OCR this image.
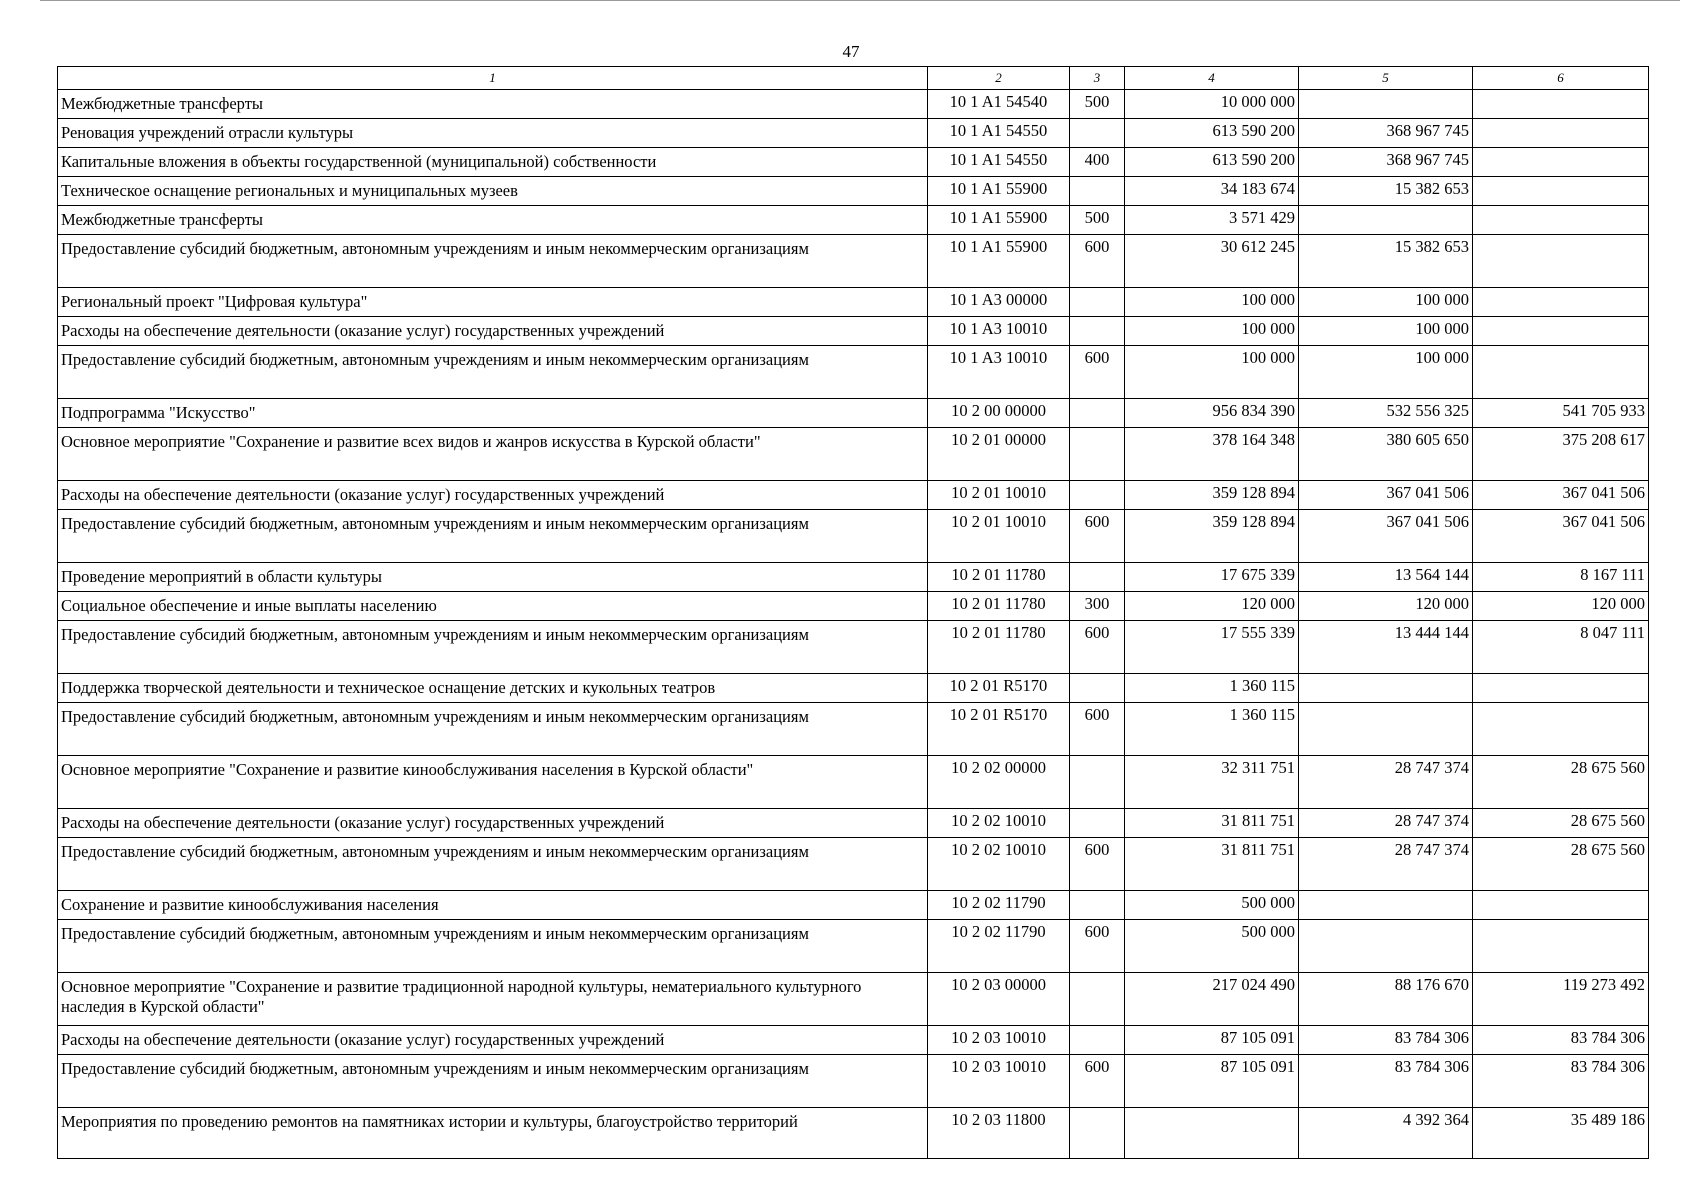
47
1	2	3	4	5	6
Межбюджетные трансферты	10 1 A1 54540	500	10 000 000		
Реновация учреждений отрасли культуры	10 1 A1 54550		613 590 200	368 967 745	
Капитальные вложения в объекты государственной (муниципальной) собственности	10 1 A1 54550	400	613 590 200	368 967 745	
Техническое оснащение региональных и муниципальных музеев	10 1 A1 55900		34 183 674	15 382 653	
Межбюджетные трансферты	10 1 A1 55900	500	3 571 429		
Предоставление субсидий бюджетным, автономным учреждениям и иным некоммерческим организациям	10 1 A1 55900	600	30 612 245	15 382 653	
Региональный проект "Цифровая культура"	10 1 A3 00000		100 000	100 000	
Расходы на обеспечение деятельности (оказание услуг) государственных учреждений	10 1 A3 10010		100 000	100 000	
Предоставление субсидий бюджетным, автономным учреждениям и иным некоммерческим организациям	10 1 A3 10010	600	100 000	100 000	
Подпрограмма "Искусство"	10 2 00 00000		956 834 390	532 556 325	541 705 933
Основное мероприятие "Сохранение и развитие всех видов и жанров искусства в Курской области"	10 2 01 00000		378 164 348	380 605 650	375 208 617
Расходы на обеспечение деятельности (оказание услуг) государственных учреждений	10 2 01 10010		359 128 894	367 041 506	367 041 506
Предоставление субсидий бюджетным, автономным учреждениям и иным некоммерческим организациям	10 2 01 10010	600	359 128 894	367 041 506	367 041 506
Проведение мероприятий в области культуры	10 2 01 11780		17 675 339	13 564 144	8 167 111
Социальное обеспечение и иные выплаты населению	10 2 01 11780	300	120 000	120 000	120 000
Предоставление субсидий бюджетным, автономным учреждениям и иным некоммерческим организациям	10 2 01 11780	600	17 555 339	13 444 144	8 047 111
Поддержка творческой деятельности и техническое оснащение детских и кукольных театров	10 2 01 R5170		1 360 115		
Предоставление субсидий бюджетным, автономным учреждениям и иным некоммерческим организациям	10 2 01 R5170	600	1 360 115		
Основное мероприятие "Сохранение и развитие кинообслуживания населения в Курской области"	10 2 02 00000		32 311 751	28 747 374	28 675 560
Расходы на обеспечение деятельности (оказание услуг) государственных учреждений	10 2 02 10010		31 811 751	28 747 374	28 675 560
Предоставление субсидий бюджетным, автономным учреждениям и иным некоммерческим организациям	10 2 02 10010	600	31 811 751	28 747 374	28 675 560
Сохранение и развитие кинообслуживания населения	10 2 02 11790		500 000		
Предоставление субсидий бюджетным, автономным учреждениям и иным некоммерческим организациям	10 2 02 11790	600	500 000		
Основное мероприятие "Сохранение и развитие традиционной народной культуры, нематериального культурного наследия в Курской области"	10 2 03 00000		217 024 490	88 176 670	119 273 492
Расходы на обеспечение деятельности (оказание услуг) государственных учреждений	10 2 03 10010		87 105 091	83 784 306	83 784 306
Предоставление субсидий бюджетным, автономным учреждениям и иным некоммерческим организациям	10 2 03 10010	600	87 105 091	83 784 306	83 784 306
Мероприятия по проведению ремонтов на памятниках истории и культуры, благоустройство территорий	10 2 03 11800			4 392 364	35 489 186
